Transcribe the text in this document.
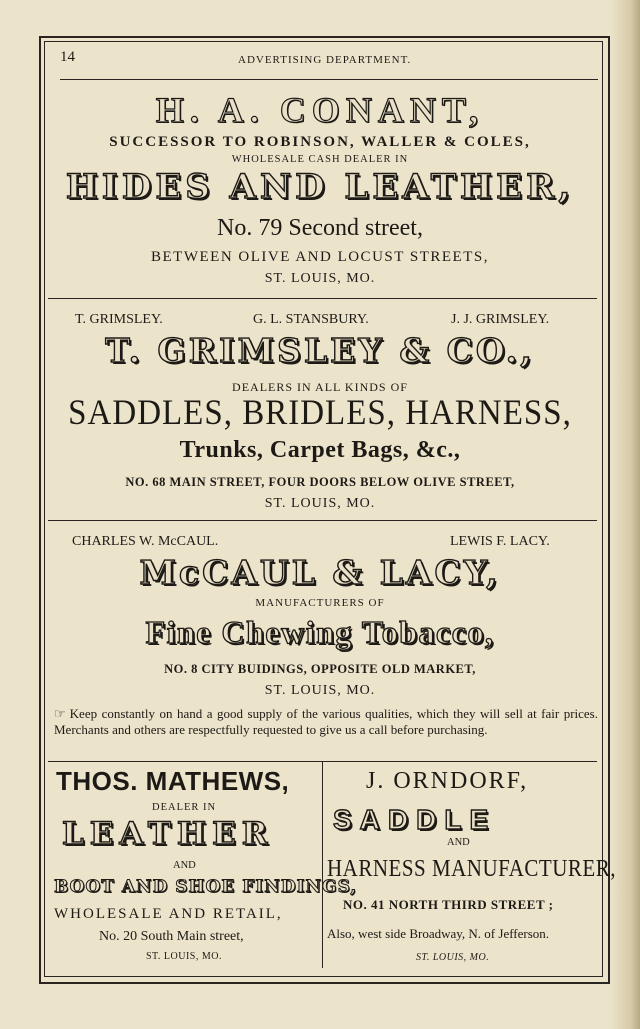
14	ADVERTISING DEPARTMENT.
H. A. CONANT,
SUCCESSOR TO ROBINSON, WALLER & COLES,
WHOLESALE CASH DEALER IN
HIDES AND LEATHER,
No. 79 Second street,
BETWEEN OLIVE AND LOCUST STREETS,
ST. LOUIS, MO.
T. GRIMSLEY.	G. L. STANSBURY.	J. J. GRIMSLEY.
T. GRIMSLEY & CO.,
DEALERS IN ALL KINDS OF
SADDLES, BRIDLES, HARNESS,
Trunks, Carpet Bags, &c.,
NO. 68 MAIN STREET, FOUR DOORS BELOW OLIVE STREET,
ST. LOUIS, MO.
CHARLES W. McCAUL.	LEWIS F. LACY.
McCAUL & LACY,
MANUFACTURERS OF
Fine Chewing Tobacco,
NO. 8 CITY BUIDINGS, OPPOSITE OLD MARKET,
ST. LOUIS, MO.
☞ Keep constantly on hand a good supply of the various qualities, which they will sell at fair prices. Merchants and others are respectfully requested to give us a call before purchasing.
THOS. MATHEWS,
DEALER IN
LEATHER
AND
BOOT AND SHOE FINDINGS,
WHOLESALE AND RETAIL,
No. 20 South Main street,
ST. LOUIS, MO.
J. ORNDORF,
SADDLE
AND
HARNESS MANUFACTURER,
NO. 41 NORTH THIRD STREET ;
Also, west side Broadway, N. of Jefferson.
ST. LOUIS, MO.
